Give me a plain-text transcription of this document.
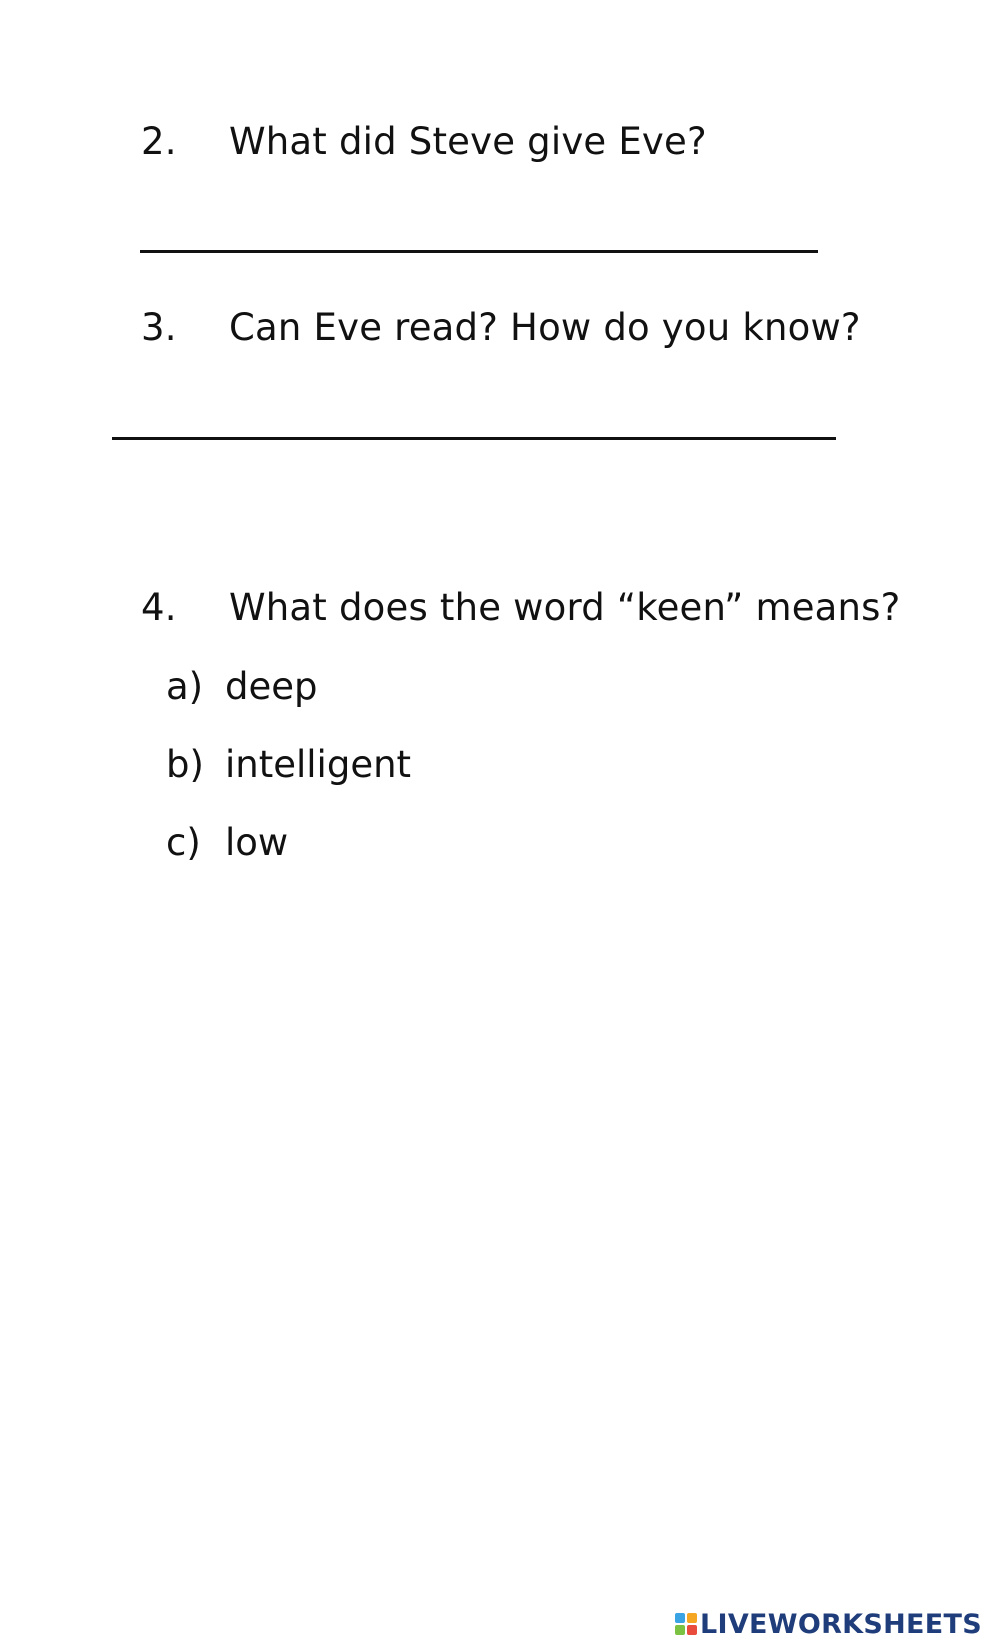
2.	What did Steve give Eve?
3.	Can Eve read? How do you know?
4.	What does the word “keen” means?
a) deep
b) intelligent
c) low
LIVEWORKSHEETS
